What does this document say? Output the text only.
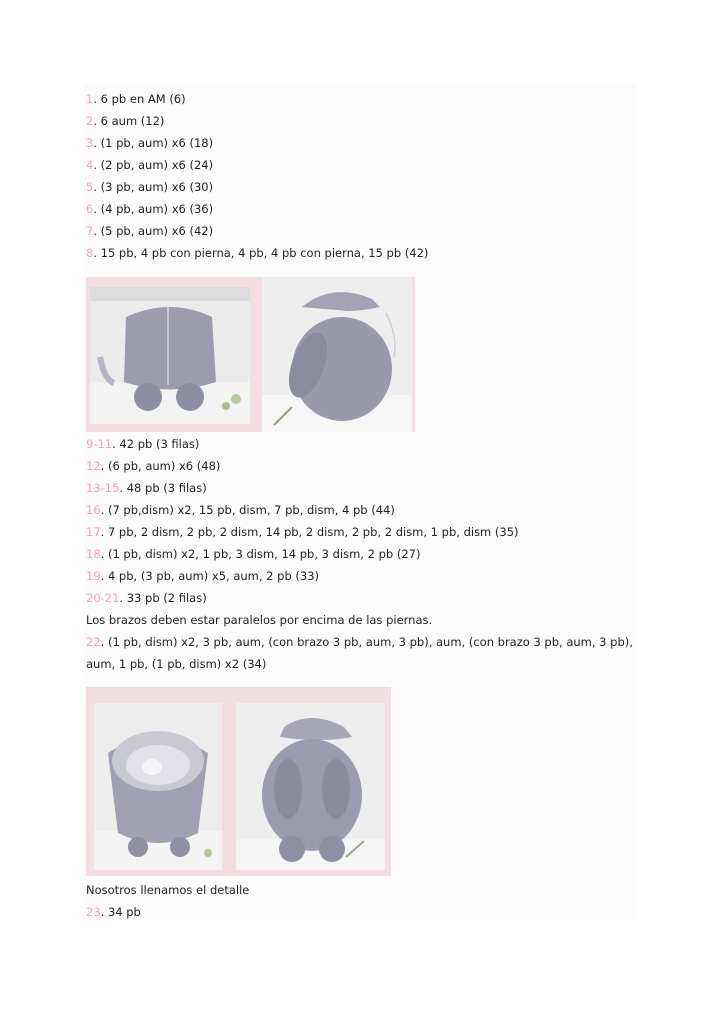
1. 6 pb en AM (6)
2. 6 aum (12)
3. (1 pb, aum) x6 (18)
4. (2 pb, aum) x6 (24)
5. (3 pb, aum) x6 (30)
6. (4 pb, aum) x6 (36)
7. (5 pb, aum) x6 (42)
8. 15 pb, 4 pb con pierna, 4 pb, 4 pb con pierna, 15 pb (42)
9-11. 42 pb (3 filas)
12. (6 pb, aum) x6 (48)
13-15. 48 pb (3 filas)
16. (7 pb,dism) x2, 15 pb, dism, 7 pb, dism, 4 pb (44)
17. 7 pb, 2 dism, 2 pb, 2 dism, 14 pb, 2 dism, 2 pb, 2 dism, 1 pb, dism (35)
18. (1 pb, dism) x2, 1 pb, 3 dism, 14 pb, 3 dism, 2 pb (27)
19. 4 pb, (3 pb, aum) x5, aum, 2 pb (33)
20-21. 33 pb (2 filas)
Los brazos deben estar paralelos por encima de las piernas.
22. (1 pb, dism) x2, 3 pb, aum, (con brazo 3 pb, aum, 3 pb), aum, (con brazo 3 pb, aum, 3 pb),
aum, 1 pb, (1 pb, dism) x2 (34)
Nosotros llenamos el detalle
23. 34 pb
